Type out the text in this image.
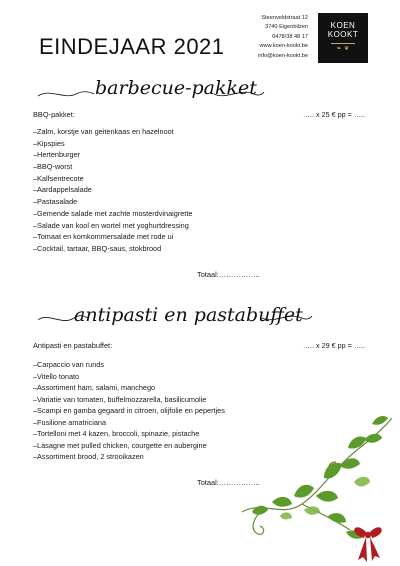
EINDEJAAR 2021
Steenveldstraat 12
3740 Eigenbilzen
0478/38 48 17
www.koen-kookt.be
info@koen-kookt.be
KOEN
KOOKT
❧ ❦
barbecue-pakket
BBQ-pakket:	….. x 25 € pp = …..
–Zalm, korstje van geitenkaas en hazelnoot
–Kipspies
–Hertenburger
–BBQ-worst
–Kalfsentrecote
–Aardappelsalade
–Pastasalade
–Gemende salade met zachte mosterdvinaigrette
–Salade van kool en wortel met yoghurtdressing
–Tomaat en komkommersalade met rode ui
–Cocktail, tartaar, BBQ-saus, stokbrood
Totaal:……………..
antipasti en pastabuffet
Antipasti en pastabuffet:	….. x 29 € pp = …..
–Carpaccio van runds
–Vitello tonato
–Assortiment ham, salami, manchego
–Variatie van tomaten, buffelmozzarella, basilicumolie
–Scampi en gamba gegaard in citroen, olijfolie en pepertjes
–Fusilione amatriciana
–Tortelloni met 4 kazen, broccoli, spinazie, pistache
–Lasagne met pulled chicken, courgette en aubergine
–Assortiment brood, 2 strooikazen
Totaal:……………..
